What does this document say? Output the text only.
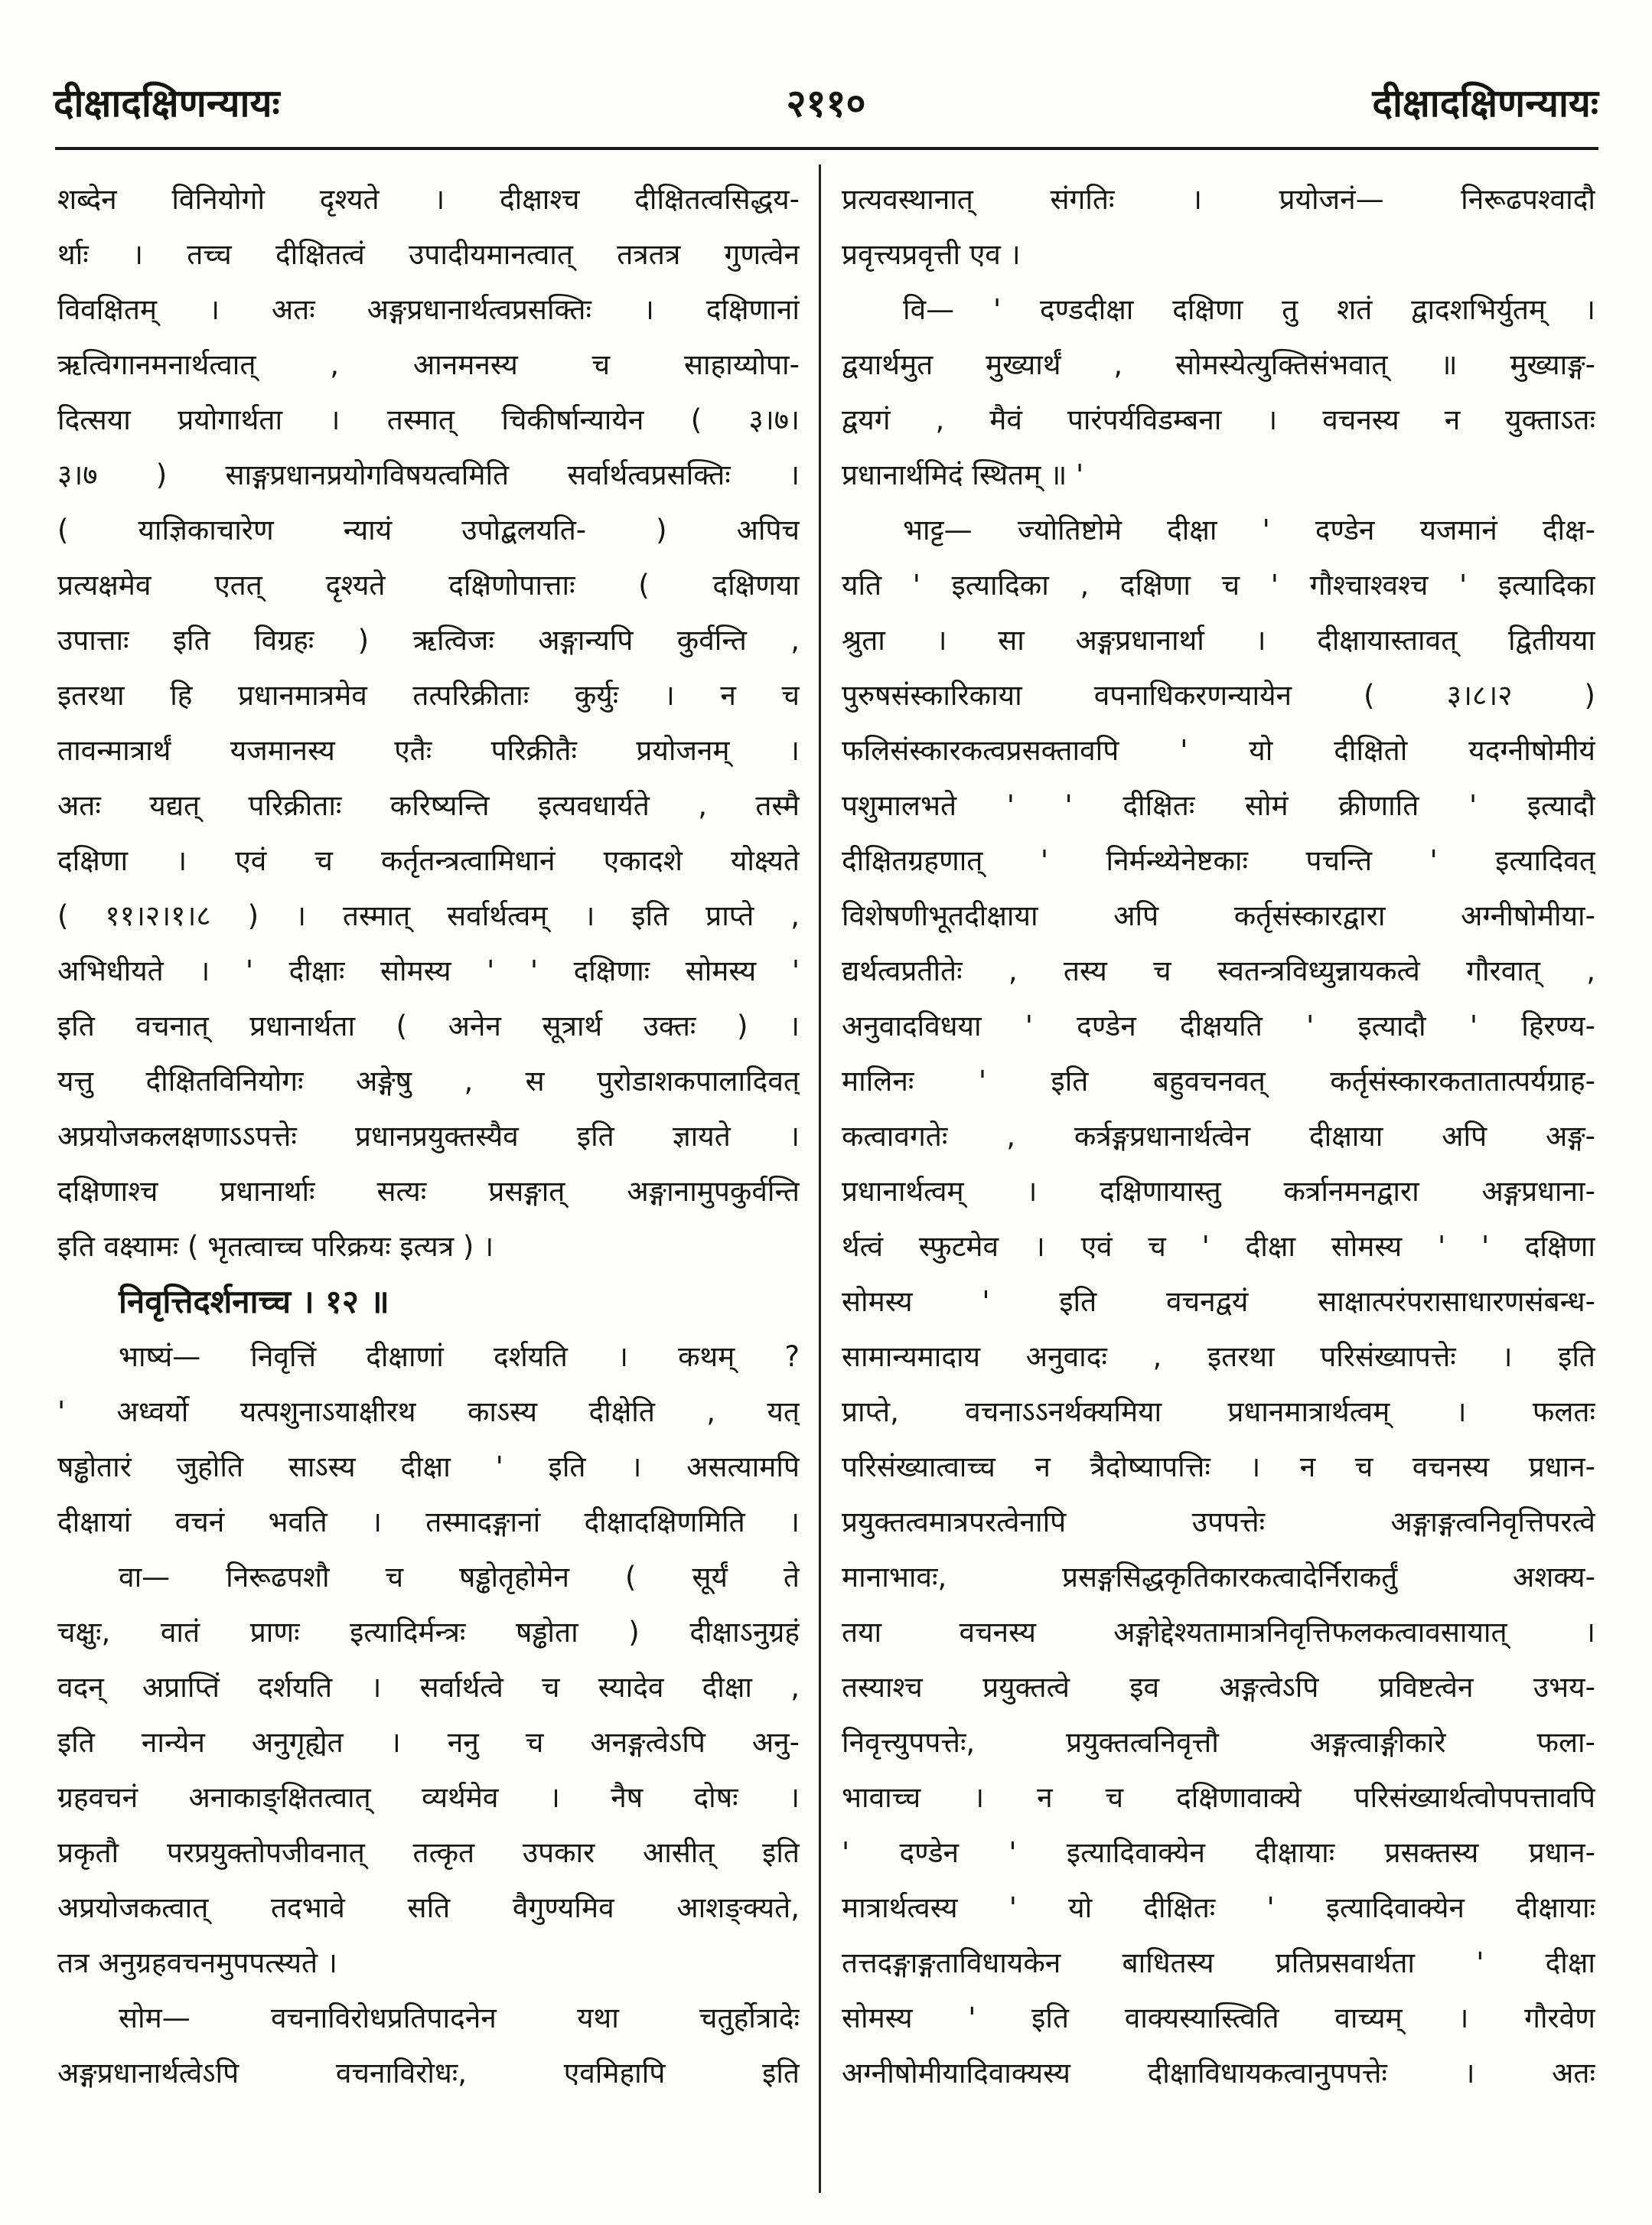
दीक्षादक्षिणन्यायः	२११०	दीक्षादक्षिणन्यायः
शब्देन विनियोगो दृश्यते । दीक्षाश्च दीक्षितत्वसिद्धय-
र्थाः । तच्च दीक्षितत्वं उपादीयमानत्वात् तत्रतत्र गुणत्वेन
विवक्षितम् । अतः अङ्गप्रधानार्थत्वप्रसक्तिः । दक्षिणानां
ऋत्विगानमनार्थत्वात् , आनमनस्य च साहाय्योपा-
दित्सया प्रयोगार्थता । तस्मात् चिकीर्षान्यायेन ( ३।७।
३।७ ) साङ्गप्रधानप्रयोगविषयत्वमिति सर्वार्थत्वप्रसक्तिः ।
( याज्ञिकाचारेण न्यायं उपोद्बलयति- ) अपिच
प्रत्यक्षमेव एतत् दृश्यते दक्षिणोपात्ताः ( दक्षिणया
उपात्ताः इति विग्रहः ) ऋत्विजः अङ्गान्यपि कुर्वन्ति ,
इतरथा हि प्रधानमात्रमेव तत्परिक्रीताः कुर्युः । न च
तावन्मात्रार्थं यजमानस्य एतैः परिक्रीतैः प्रयोजनम् ।
अतः यद्यत् परिक्रीताः करिष्यन्ति इत्यवधार्यते , तस्मै
दक्षिणा । एवं च कर्तृतन्त्रत्वामिधानं एकादशे योक्ष्यते
( ११।२।१।८ ) । तस्मात् सर्वार्थत्वम् । इति प्राप्ते ,
अभिधीयते । ' दीक्षाः सोमस्य ' ' दक्षिणाः सोमस्य '
इति वचनात् प्रधानार्थता ( अनेन सूत्रार्थ उक्तः ) ।
यत्तु दीक्षितविनियोगः अङ्गेषु , स पुरोडाशकपालादिवत्
अप्रयोजकलक्षणाऽऽपत्तेः प्रधानप्रयुक्तस्यैव इति ज्ञायते ।
दक्षिणाश्च प्रधानार्थाः सत्यः प्रसङ्गात् अङ्गानामुपकुर्वन्ति
इति वक्ष्यामः ( भृतत्वाच्च परिक्रयः इत्यत्र ) ।
निवृत्तिदर्शनाच्च । १२ ॥
भाष्यं— निवृत्तिं दीक्षाणां दर्शयति । कथम् ?
' अध्वर्यो यत्पशुनाऽयाक्षीरथ काऽस्य दीक्षेति , यत्
षड्ढोतारं जुहोति साऽस्य दीक्षा ' इति । असत्यामपि
दीक्षायां वचनं भवति । तस्मादङ्गानां दीक्षादक्षिणमिति ।
वा— निरूढपशौ च षड्ढोतृहोमेन ( सूर्यं ते
चक्षुः, वातं प्राणः इत्यादिर्मन्त्रः षड्ढोता ) दीक्षाऽनुग्रहं
वदन् अप्राप्तिं दर्शयति । सर्वार्थत्वे च स्यादेव दीक्षा ,
इति नान्येन अनुगृह्येत । ननु च अनङ्गत्वेऽपि अनु-
ग्रहवचनं अनाकाङ्क्षितत्वात् व्यर्थमेव । नैष दोषः ।
प्रकृतौ परप्रयुक्तोपजीवनात् तत्कृत उपकार आसीत् इति
अप्रयोजकत्वात् तदभावे सति वैगुण्यमिव आशङ्क्यते,
तत्र अनुग्रहवचनमुपपत्स्यते ।
सोम— वचनाविरोधप्रतिपादनेन यथा चतुर्होत्रादेः
अङ्गप्रधानार्थत्वेऽपि वचनाविरोधः, एवमिहापि इति
प्रत्यवस्थानात् संगतिः । प्रयोजनं— निरूढपश्वादौ
प्रवृत्त्यप्रवृत्ती एव ।
वि— ' दण्डदीक्षा दक्षिणा तु शतं द्वादशभिर्युतम् ।
द्वयार्थमुत मुख्यार्थं , सोमस्येत्युक्तिसंभवात् ॥ मुख्याङ्ग-
द्वयगं , मैवं पारंपर्यविडम्बना । वचनस्य न युक्ताऽतः
प्रधानार्थमिदं स्थितम् ॥ '
भाट्ट— ज्योतिष्टोमे दीक्षा ' दण्डेन यजमानं दीक्ष-
यति ' इत्यादिका , दक्षिणा च ' गौश्चाश्वश्च ' इत्यादिका
श्रुता । सा अङ्गप्रधानार्था । दीक्षायास्तावत् द्वितीयया
पुरुषसंस्कारिकाया वपनाधिकरणन्यायेन ( ३।८।२ )
फलिसंस्कारकत्वप्रसक्तावपि ' यो दीक्षितो यदग्नीषोमीयं
पशुमालभते ' ' दीक्षितः सोमं क्रीणाति ' इत्यादौ
दीक्षितग्रहणात् ' निर्मन्थ्येनेष्टकाः पचन्ति ' इत्यादिवत्
विशेषणीभूतदीक्षाया अपि कर्तृसंस्कारद्वारा अग्नीषोमीया-
द्यर्थत्वप्रतीतेः , तस्य च स्वतन्त्रविध्युन्नायकत्वे गौरवात् ,
अनुवादविधया ' दण्डेन दीक्षयति ' इत्यादौ ' हिरण्य-
मालिनः ' इति बहुवचनवत् कर्तृसंस्कारकतातात्पर्यग्राह-
कत्वावगतेः , कर्त्रङ्गप्रधानार्थत्वेन दीक्षाया अपि अङ्ग-
प्रधानार्थत्वम् । दक्षिणायास्तु कर्त्रानमनद्वारा अङ्गप्रधाना-
र्थत्वं स्फुटमेव । एवं च ' दीक्षा सोमस्य ' ' दक्षिणा
सोमस्य ' इति वचनद्वयं साक्षात्परंपरासाधारणसंबन्ध-
सामान्यमादाय अनुवादः , इतरथा परिसंख्यापत्तेः । इति
प्राप्ते, वचनाऽऽनर्थक्यमिया प्रधानमात्रार्थत्वम् । फलतः
परिसंख्यात्वाच्च न त्रैदोष्यापत्तिः । न च वचनस्य प्रधान-
प्रयुक्तत्वमात्रपरत्वेनापि उपपत्तेः अङ्गाङ्गत्वनिवृत्तिपरत्वे
मानाभावः, प्रसङ्गसिद्धकृतिकारकत्वादेर्निराकर्तुं अशक्य-
तया वचनस्य अङ्गोद्देश्यतामात्रनिवृत्तिफलकत्वावसायात् ।
तस्याश्च प्रयुक्तत्वे इव अङ्गत्वेऽपि प्रविष्टत्वेन उभय-
निवृत्त्युपपत्तेः, प्रयुक्तत्वनिवृत्तौ अङ्गत्वाङ्गीकारे फला-
भावाच्च । न च दक्षिणावाक्ये परिसंख्यार्थत्वोपपत्तावपि
' दण्डेन ' इत्यादिवाक्येन दीक्षायाः प्रसक्तस्य प्रधान-
मात्रार्थत्वस्य ' यो दीक्षितः ' इत्यादिवाक्येन दीक्षायाः
तत्तदङ्गाङ्गताविधायकेन बाधितस्य प्रतिप्रसवार्थता ' दीक्षा
सोमस्य ' इति वाक्यस्यास्त्विति वाच्यम् । गौरवेण
अग्नीषोमीयादिवाक्यस्य दीक्षाविधायकत्वानुपपत्तेः । अतः
